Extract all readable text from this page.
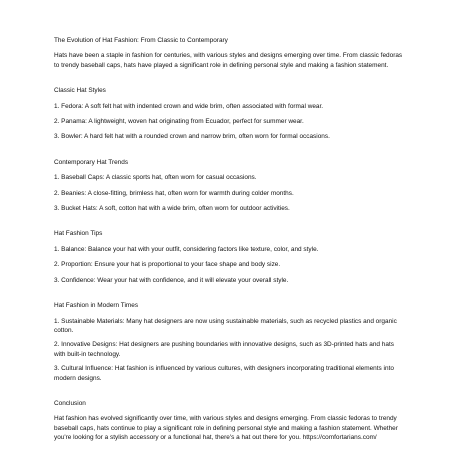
The Evolution of Hat Fashion: From Classic to Contemporary

Hats have been a staple in fashion for centuries, with various styles and designs emerging over time. From classic fedoras to trendy baseball caps, hats have played a significant role in defining personal style and making a fashion statement.

Classic Hat Styles

1. Fedora: A soft felt hat with indented crown and wide brim, often associated with formal wear.

2. Panama: A lightweight, woven hat originating from Ecuador, perfect for summer wear.

3. Bowler: A hard felt hat with a rounded crown and narrow brim, often worn for formal occasions.

Contemporary Hat Trends

1. Baseball Caps: A classic sports hat, often worn for casual occasions.

2. Beanies: A close-fitting, brimless hat, often worn for warmth during colder months.

3. Bucket Hats: A soft, cotton hat with a wide brim, often worn for outdoor activities.

Hat Fashion Tips

1. Balance: Balance your hat with your outfit, considering factors like texture, color, and style.

2. Proportion: Ensure your hat is proportional to your face shape and body size.

3. Confidence: Wear your hat with confidence, and it will elevate your overall style.

Hat Fashion in Modern Times

1. Sustainable Materials: Many hat designers are now using sustainable materials, such as recycled plastics and organic cotton.

2. Innovative Designs: Hat designers are pushing boundaries with innovative designs, such as 3D-printed hats and hats with built-in technology.

3. Cultural Influence: Hat fashion is influenced by various cultures, with designers incorporating traditional elements into modern designs.

Conclusion

Hat fashion has evolved significantly over time, with various styles and designs emerging. From classic fedoras to trendy baseball caps, hats continue to play a significant role in defining personal style and making a fashion statement. Whether you're looking for a stylish accessory or a functional hat, there's a hat out there for you. https://comfortarians.com/
